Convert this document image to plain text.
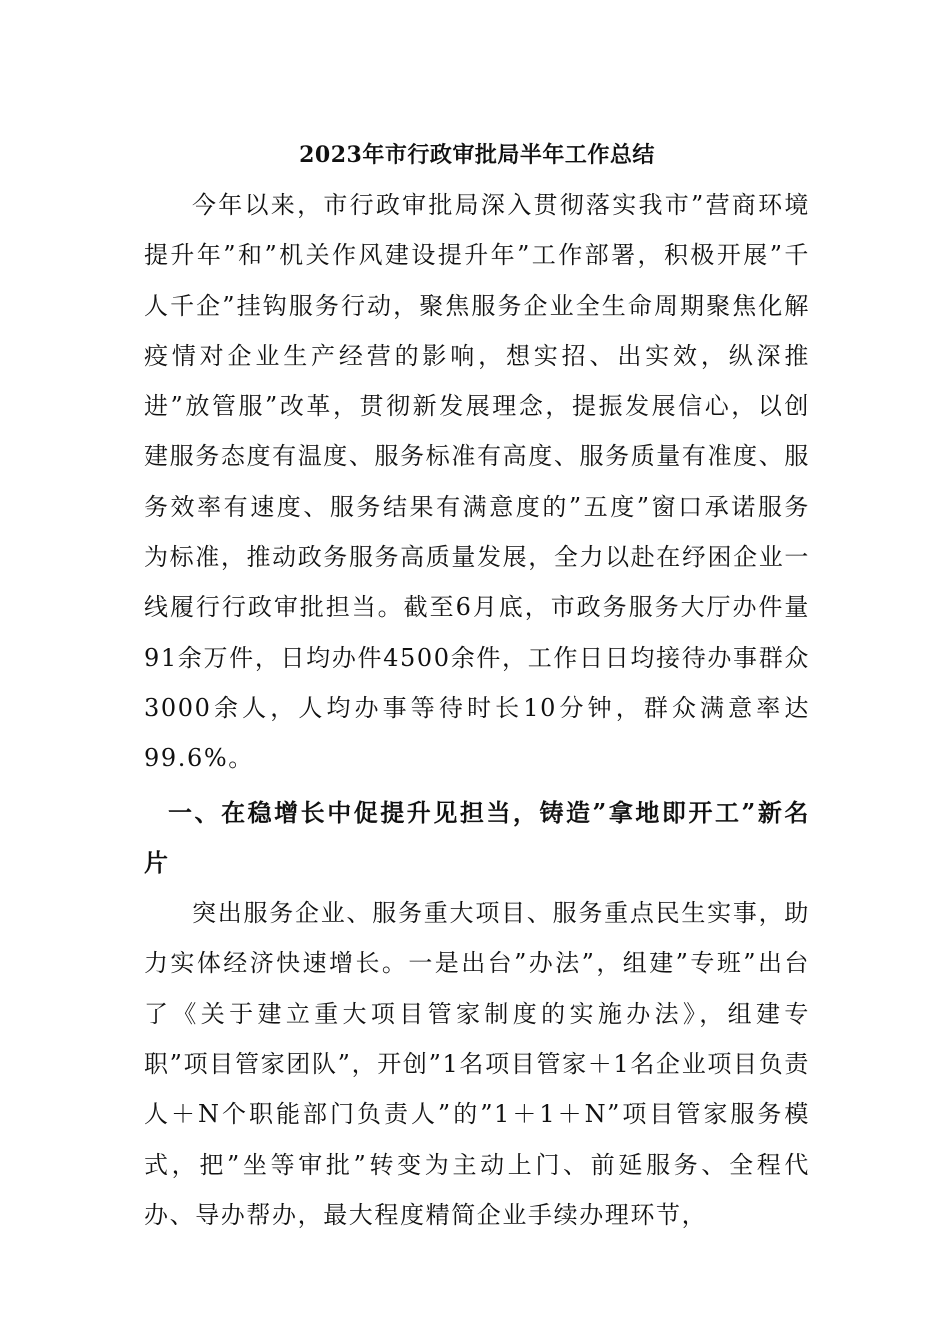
2023年市行政审批局半年工作总结

今年以来，市行政审批局深入贯彻落实我市”营商环境提升年”和”机关作风建设提升年”工作部署，积极开展”千人千企”挂钩服务行动，聚焦服务企业全生命周期聚焦化解疫情对企业生产经营的影响，想实招、出实效，纵深推进”放管服”改革，贯彻新发展理念，提振发展信心，以创建服务态度有温度、服务标准有高度、服务质量有准度、服务效率有速度、服务结果有满意度的”五度”窗口承诺服务为标准，推动政务服务高质量发展，全力以赴在纾困企业一线履行行政审批担当。截至6月底，市政务服务大厅办件量91余万件，日均办件4500余件，工作日日均接待办事群众3000余人，人均办事等待时长10分钟，群众满意率达99.6%。

一、在稳增长中促提升见担当，铸造”拿地即开工”新名片

突出服务企业、服务重大项目、服务重点民生实事，助力实体经济快速增长。一是出台”办法”，组建”专班”出台了《关于建立重大项目管家制度的实施办法》，组建专职”项目管家团队”，开创”1名项目管家＋1名企业项目负责人＋N个职能部门负责人”的”1＋1＋N”项目管家服务模式，把”坐等审批”转变为主动上门、前延服务、全程代办、导办帮办，最大程度精简企业手续办理环节，
